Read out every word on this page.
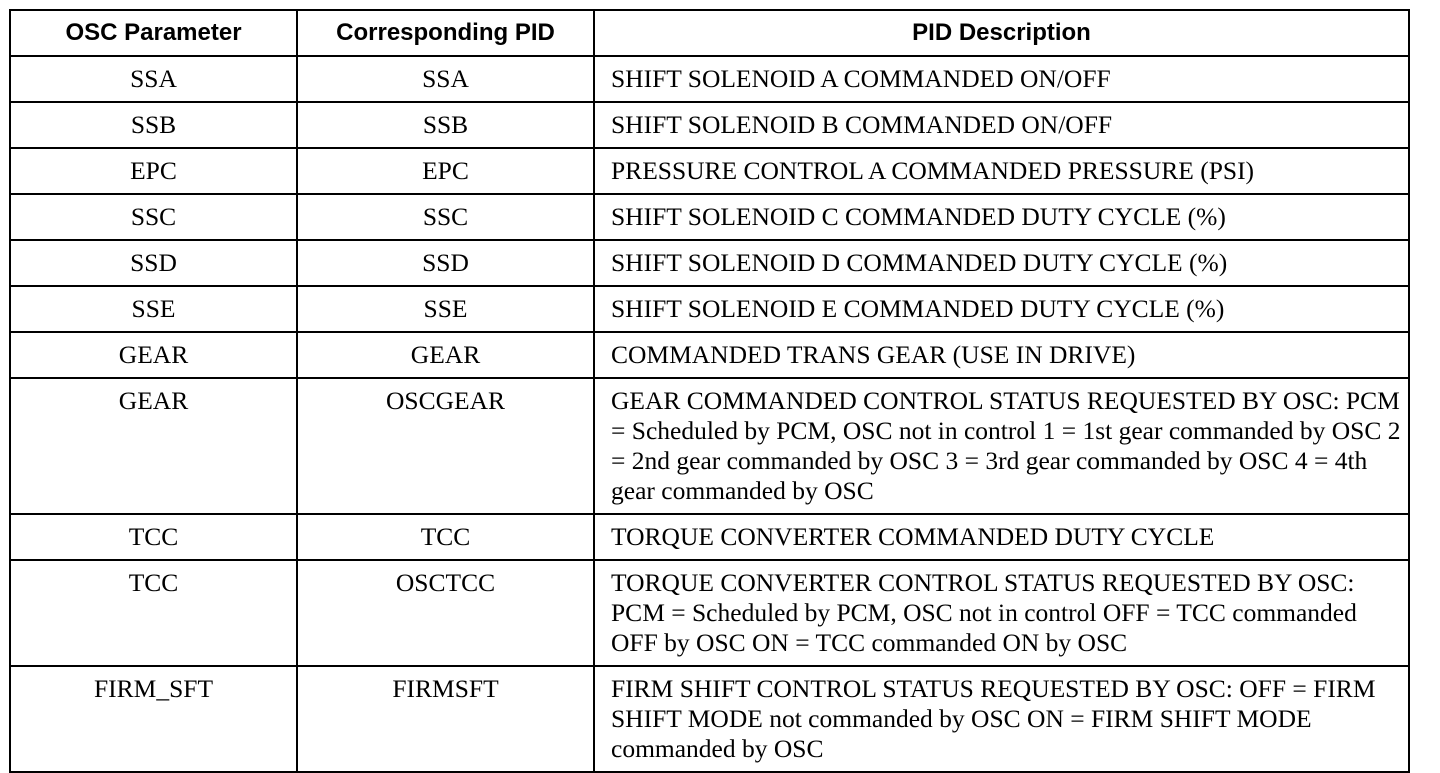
OSC Parameter	Corresponding PID	PID Description
SSA	SSA	SHIFT SOLENOID A COMMANDED ON/OFF
SSB	SSB	SHIFT SOLENOID B COMMANDED ON/OFF
EPC	EPC	PRESSURE CONTROL A COMMANDED PRESSURE (PSI)
SSC	SSC	SHIFT SOLENOID C COMMANDED DUTY CYCLE (%)
SSD	SSD	SHIFT SOLENOID D COMMANDED DUTY CYCLE (%)
SSE	SSE	SHIFT SOLENOID E COMMANDED DUTY CYCLE (%)
GEAR	GEAR	COMMANDED TRANS GEAR (USE IN DRIVE)
GEAR	OSCGEAR	GEAR COMMANDED CONTROL STATUS REQUESTED BY OSC: PCM = Scheduled by PCM, OSC not in control 1 = 1st gear commanded by OSC 2 = 2nd gear commanded by OSC 3 = 3rd gear commanded by OSC 4 = 4th gear commanded by OSC
TCC	TCC	TORQUE CONVERTER COMMANDED DUTY CYCLE
TCC	OSCTCC	TORQUE CONVERTER CONTROL STATUS REQUESTED BY OSC: PCM = Scheduled by PCM, OSC not in control OFF = TCC commanded OFF by OSC ON = TCC commanded ON by OSC
FIRM_SFT	FIRMSFT	FIRM SHIFT CONTROL STATUS REQUESTED BY OSC: OFF = FIRM SHIFT MODE not commanded by OSC ON = FIRM SHIFT MODE commanded by OSC
